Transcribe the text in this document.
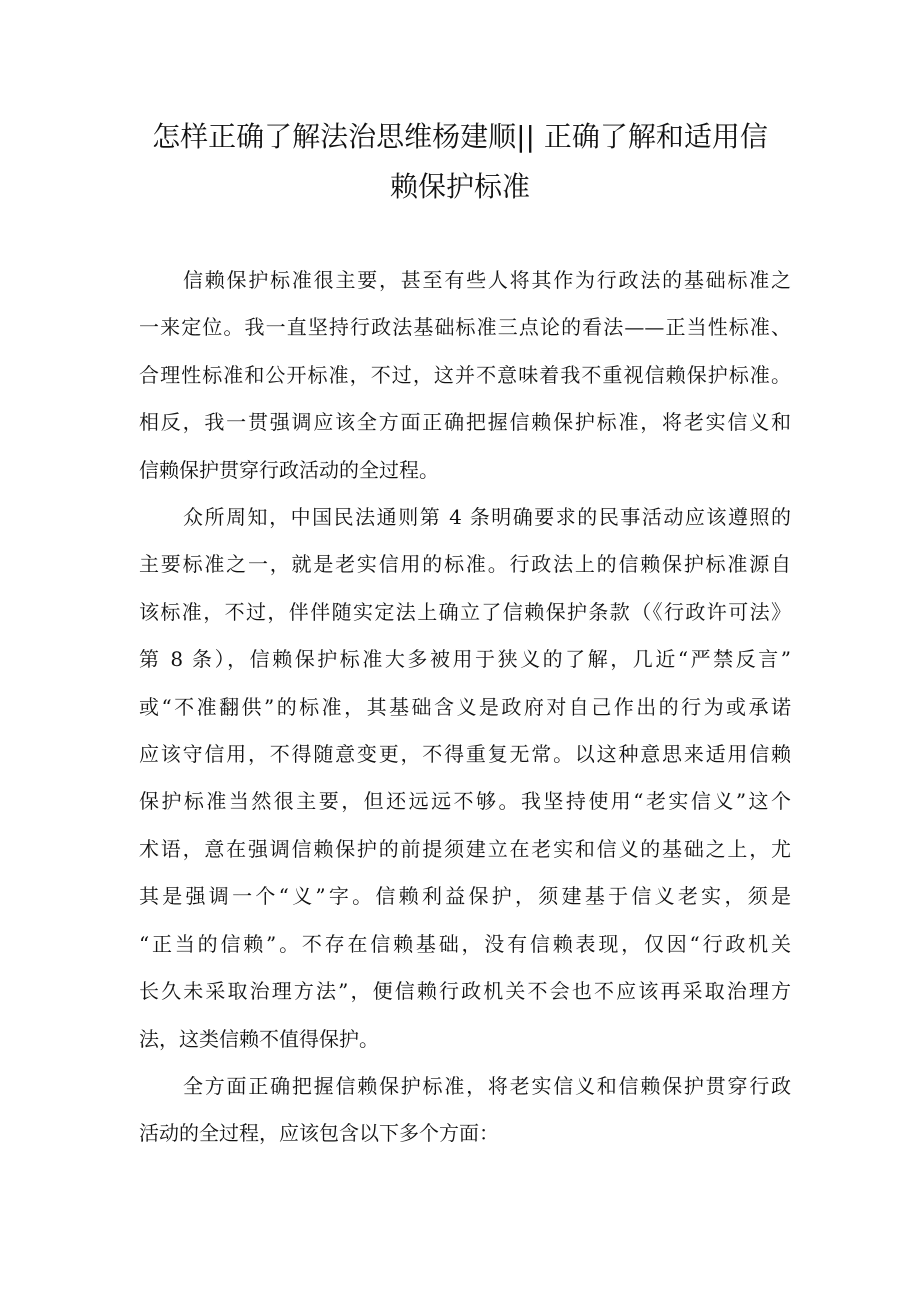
怎样正确了解法治思维杨建顺|| 正确了解和适用信
赖保护标准

信赖保护标准很主要，甚至有些人将其作为行政法的基础标准之
一来定位。我一直坚持行政法基础标准三点论的看法——正当性标准、
合理性标准和公开标准，不过，这并不意味着我不重视信赖保护标准。
相反，我一贯强调应该全方面正确把握信赖保护标准，将老实信义和
信赖保护贯穿行政活动的全过程。

众所周知，中国民法通则第 4 条明确要求的民事活动应该遵照的
主要标准之一，就是老实信用的标准。行政法上的信赖保护标准源自
该标准，不过，伴伴随实定法上确立了信赖保护条款（《行政许可法》
第 8 条），信赖保护标准大多被用于狭义的了解，几近“严禁反言”
或“不准翻供”的标准，其基础含义是政府对自己作出的行为或承诺
应该守信用，不得随意变更，不得重复无常。以这种意思来适用信赖
保护标准当然很主要，但还远远不够。我坚持使用“老实信义”这个
术语，意在强调信赖保护的前提须建立在老实和信义的基础之上，尤
其是强调一个“义”字。信赖利益保护，须建基于信义老实，须是
“正当的信赖”。不存在信赖基础，没有信赖表现，仅因“行政机关
长久未采取治理方法”，便信赖行政机关不会也不应该再采取治理方
法，这类信赖不值得保护。

全方面正确把握信赖保护标准，将老实信义和信赖保护贯穿行政
活动的全过程，应该包含以下多个方面：
